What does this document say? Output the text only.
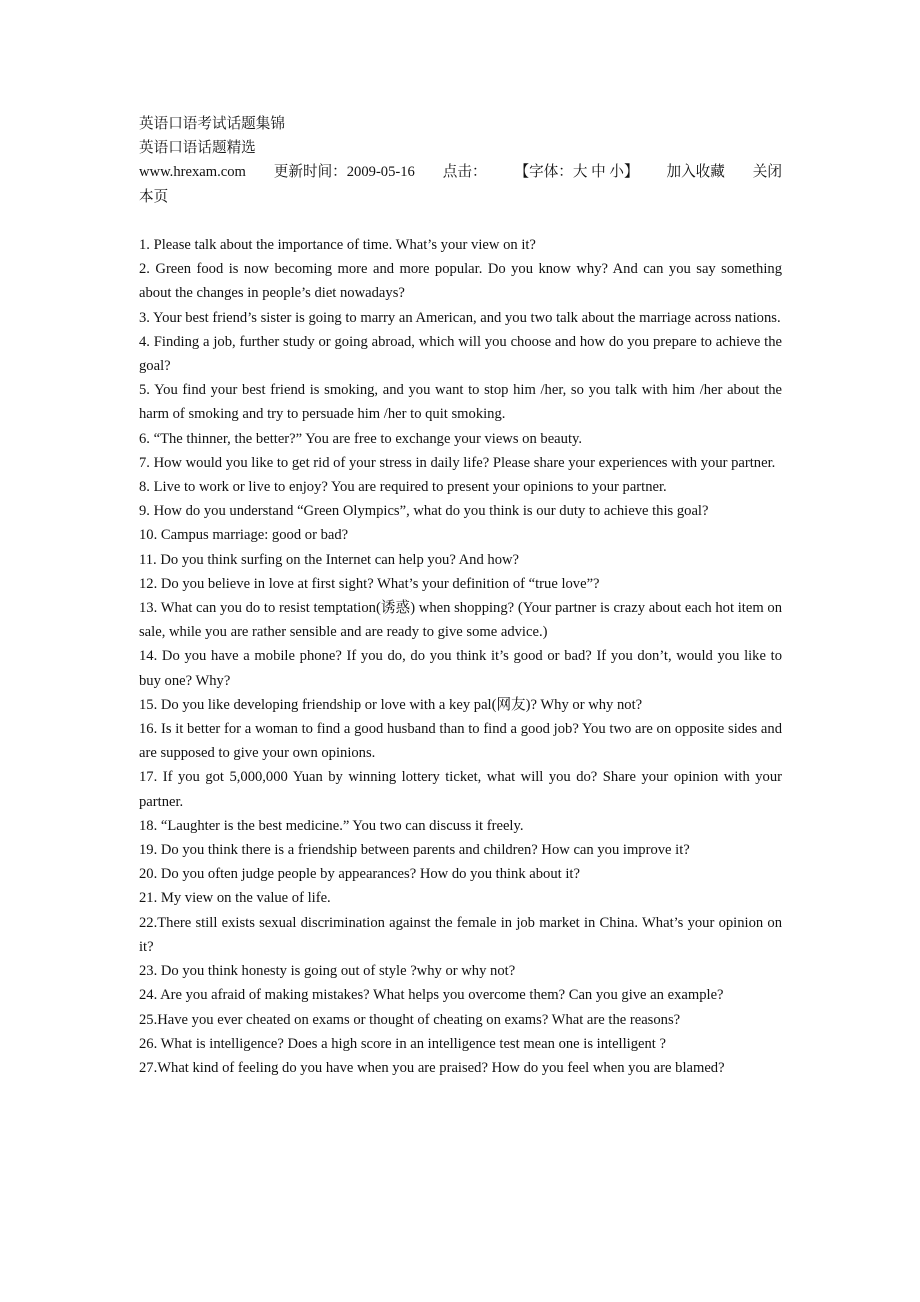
英语口语考试话题集锦
英语口语话题精选
www.hrexam.com 更新时间：2009-05-16 点击： 【字体：大 中 小】 加入收藏 关闭
本页

1. Please talk about the importance of time. What’s your view on it?

2. Green food is now becoming more and more popular. Do you know why? And can you say something about the changes in people’s diet nowadays?

3. Your best friend’s sister is going to marry an American, and you two talk about the marriage across nations.

4. Finding a job, further study or going abroad, which will you choose and how do you prepare to achieve the goal?

5. You find your best friend is smoking, and you want to stop him /her, so you talk with him /her about the harm of smoking and try to persuade him /her to quit smoking.

6. “The thinner, the better?” You are free to exchange your views on beauty.

7. How would you like to get rid of your stress in daily life? Please share your experiences with your partner.

8. Live to work or live to enjoy? You are required to present your opinions to your partner.

9. How do you understand “Green Olympics”, what do you think is our duty to achieve this goal?

10. Campus marriage: good or bad?

11. Do you think surfing on the Internet can help you? And how?

12. Do you believe in love at first sight? What’s your definition of “true love”?

13. What can you do to resist temptation(诱惑) when shopping? (Your partner is crazy about each hot item on sale, while you are rather sensible and are ready to give some advice.)

14. Do you have a mobile phone? If you do, do you think it’s good or bad? If you don’t, would you like to buy one? Why?

15. Do you like developing friendship or love with a key pal(网友)? Why or why not?

16. Is it better for a woman to find a good husband than to find a good job? You two are on opposite sides and are supposed to give your own opinions.

17. If you got 5,000,000 Yuan by winning lottery ticket, what will you do? Share your opinion with your partner.

18. “Laughter is the best medicine.” You two can discuss it freely.

19. Do you think there is a friendship between parents and children? How can you improve it?

20. Do you often judge people by appearances? How do you think about it?

21. My view on the value of life.

22.There still exists sexual discrimination against the female in job market in China. What’s your opinion on it?

23. Do you think honesty is going out of style ?why or why not?

24. Are you afraid of making mistakes? What helps you overcome them? Can you give an example?

25.Have you ever cheated on exams or thought of cheating on exams? What are the reasons?

26. What is intelligence? Does a high score in an intelligence test mean one is intelligent ?

27.What kind of feeling do you have when you are praised? How do you feel when you are blamed?
